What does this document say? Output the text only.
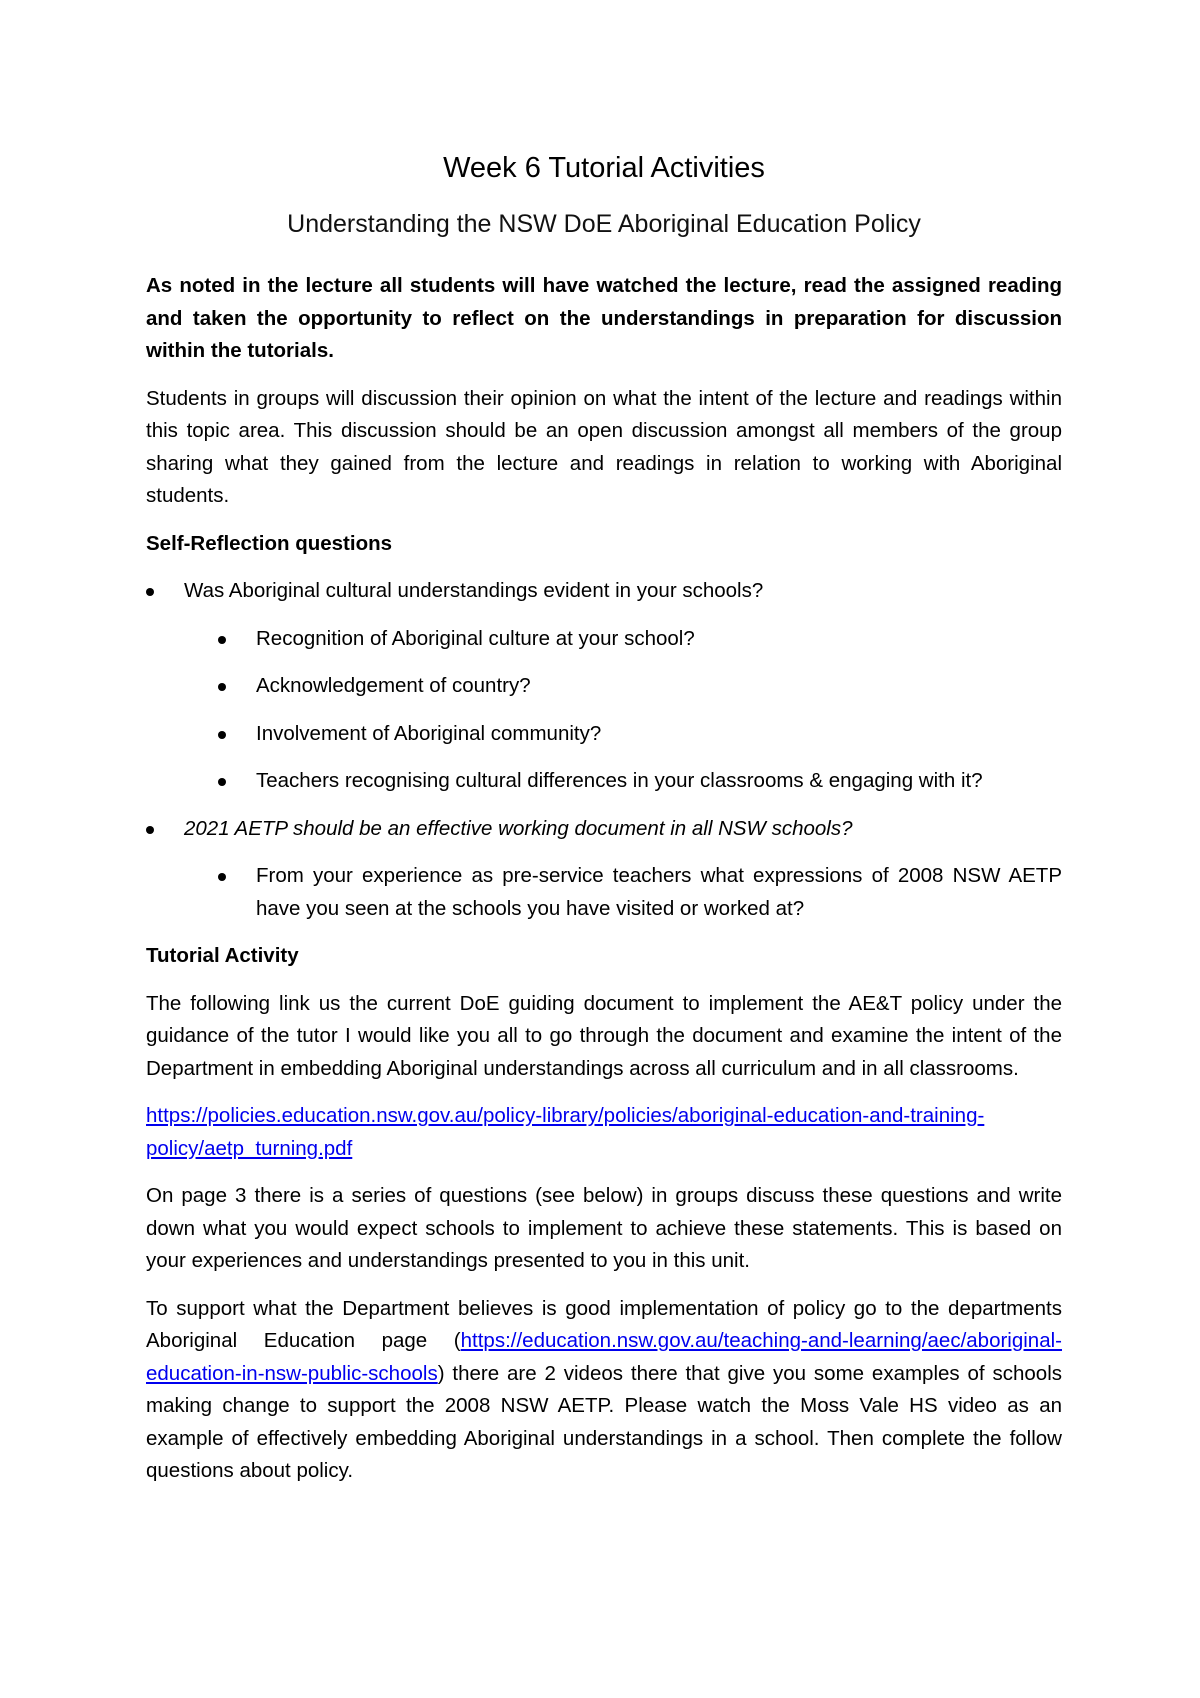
Week 6 Tutorial Activities
Understanding the NSW DoE Aboriginal Education Policy

As noted in the lecture all students will have watched the lecture, read the assigned reading and taken the opportunity to reflect on the understandings in preparation for discussion within the tutorials.

Students in groups will discussion their opinion on what the intent of the lecture and readings within this topic area. This discussion should be an open discussion amongst all members of the group sharing what they gained from the lecture and readings in relation to working with Aboriginal students.

Self-Reflection questions
Was Aboriginal cultural understandings evident in your schools?
Recognition of Aboriginal culture at your school?
Acknowledgement of country?
Involvement of Aboriginal community?
Teachers recognising cultural differences in your classrooms & engaging with it?
2021 AETP should be an effective working document in all NSW schools?
From your experience as pre-service teachers what expressions of 2008 NSW AETP have you seen at the schools you have visited or worked at?
Tutorial Activity

The following link us the current DoE guiding document to implement the AE&T policy under the guidance of the tutor I would like you all to go through the document and examine the intent of the Department in embedding Aboriginal understandings across all curriculum and in all classrooms.

https://policies.education.nsw.gov.au/policy-library/policies/aboriginal-education-and-training-policy/aetp_turning.pdf

On page 3 there is a series of questions (see below) in groups discuss these questions and write down what you would expect schools to implement to achieve these statements. This is based on your experiences and understandings presented to you in this unit.

To support what the Department believes is good implementation of policy go to the departments Aboriginal Education page (https://education.nsw.gov.au/teaching-and-learning/aec/aboriginal-education-in-nsw-public-schools) there are 2 videos there that give you some examples of schools making change to support the 2008 NSW AETP. Please watch the Moss Vale HS video as an example of effectively embedding Aboriginal understandings in a school. Then complete the follow questions about policy.
